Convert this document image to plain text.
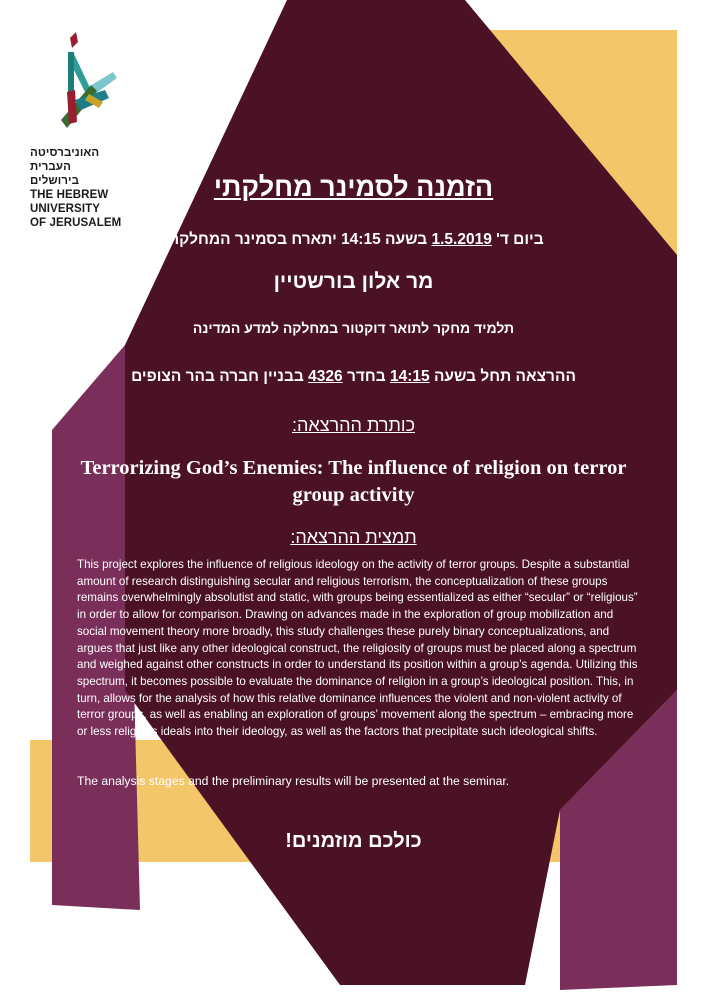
האוניברסיטה
העברית
בירושלים
THE HEBREW
UNIVERSITY
OF JERUSALEM
הזמנה לסמינר מחלקתי
ביום ד' 1.5.2019 בשעה 14:15 יתארח בסמינר המחלקתי
מר אלון בורשטיין
תלמיד מחקר לתואר דוקטור במחלקה למדע המדינה
ההרצאה תחל בשעה 14:15 בחדר 4326 בבניין חברה בהר הצופים
כותרת ההרצאה:
Terrorizing God’s Enemies: The influence of religion on terror group activity
תמצית ההרצאה:
This project explores the influence of religious ideology on the activity of terror groups. Despite a substantial amount of research distinguishing secular and religious terrorism, the conceptualization of these groups remains overwhelmingly absolutist and static, with groups being essentialized as either “secular” or “religious” in order to allow for comparison. Drawing on advances made in the exploration of group mobilization and social movement theory more broadly, this study challenges these purely binary conceptualizations, and argues that just like any other ideological construct, the religiosity of groups must be placed along a spectrum and weighed against other constructs in order to understand its position within a group’s agenda. Utilizing this spectrum, it becomes possible to evaluate the dominance of religion in a group’s ideological position. This, in turn, allows for the analysis of how this relative dominance influences the violent and non-violent activity of terror groups, as well as enabling an exploration of groups’ movement along the spectrum – embracing more or less religious ideals into their ideology, as well as the factors that precipitate such ideological shifts.
The analysis stages and the preliminary results will be presented at the seminar.
כולכם מוזמנים!
